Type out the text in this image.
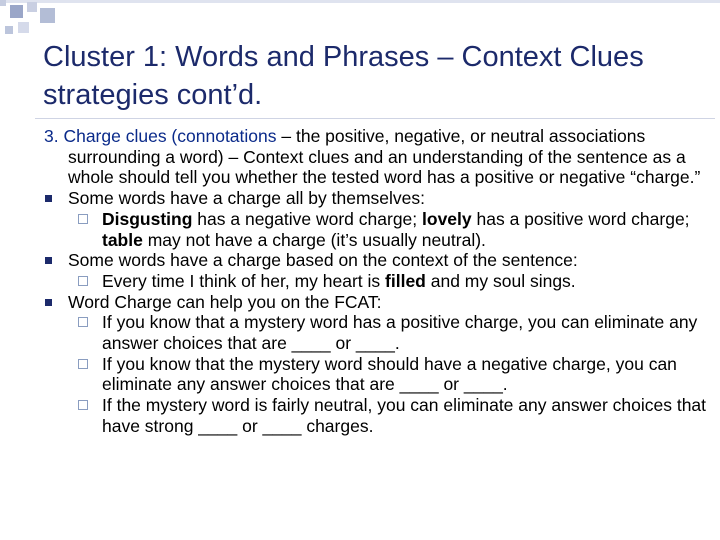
Cluster 1: Words and Phrases – Context Clues strategies cont’d.
3. Charge clues (connotations – the positive, negative, or neutral associations surrounding a word) – Context clues and an understanding of the sentence as a whole should tell you whether the tested word has a positive or negative “charge.”
Some words have a charge all by themselves:
Disgusting has a negative word charge; lovely has a positive word charge; table may not have a charge (it’s usually neutral).
Some words have a charge based on the context of the sentence:
Every time I think of her, my heart is filled and my soul sings.
Word Charge can help you on the FCAT:
If you know that a mystery word has a positive charge, you can eliminate any answer choices that are ____ or ____.
If you know that the mystery word should have a negative charge, you can eliminate any answer choices that are ____ or ____.
If the mystery word is fairly neutral, you can eliminate any answer choices that have strong ____ or ____ charges.
